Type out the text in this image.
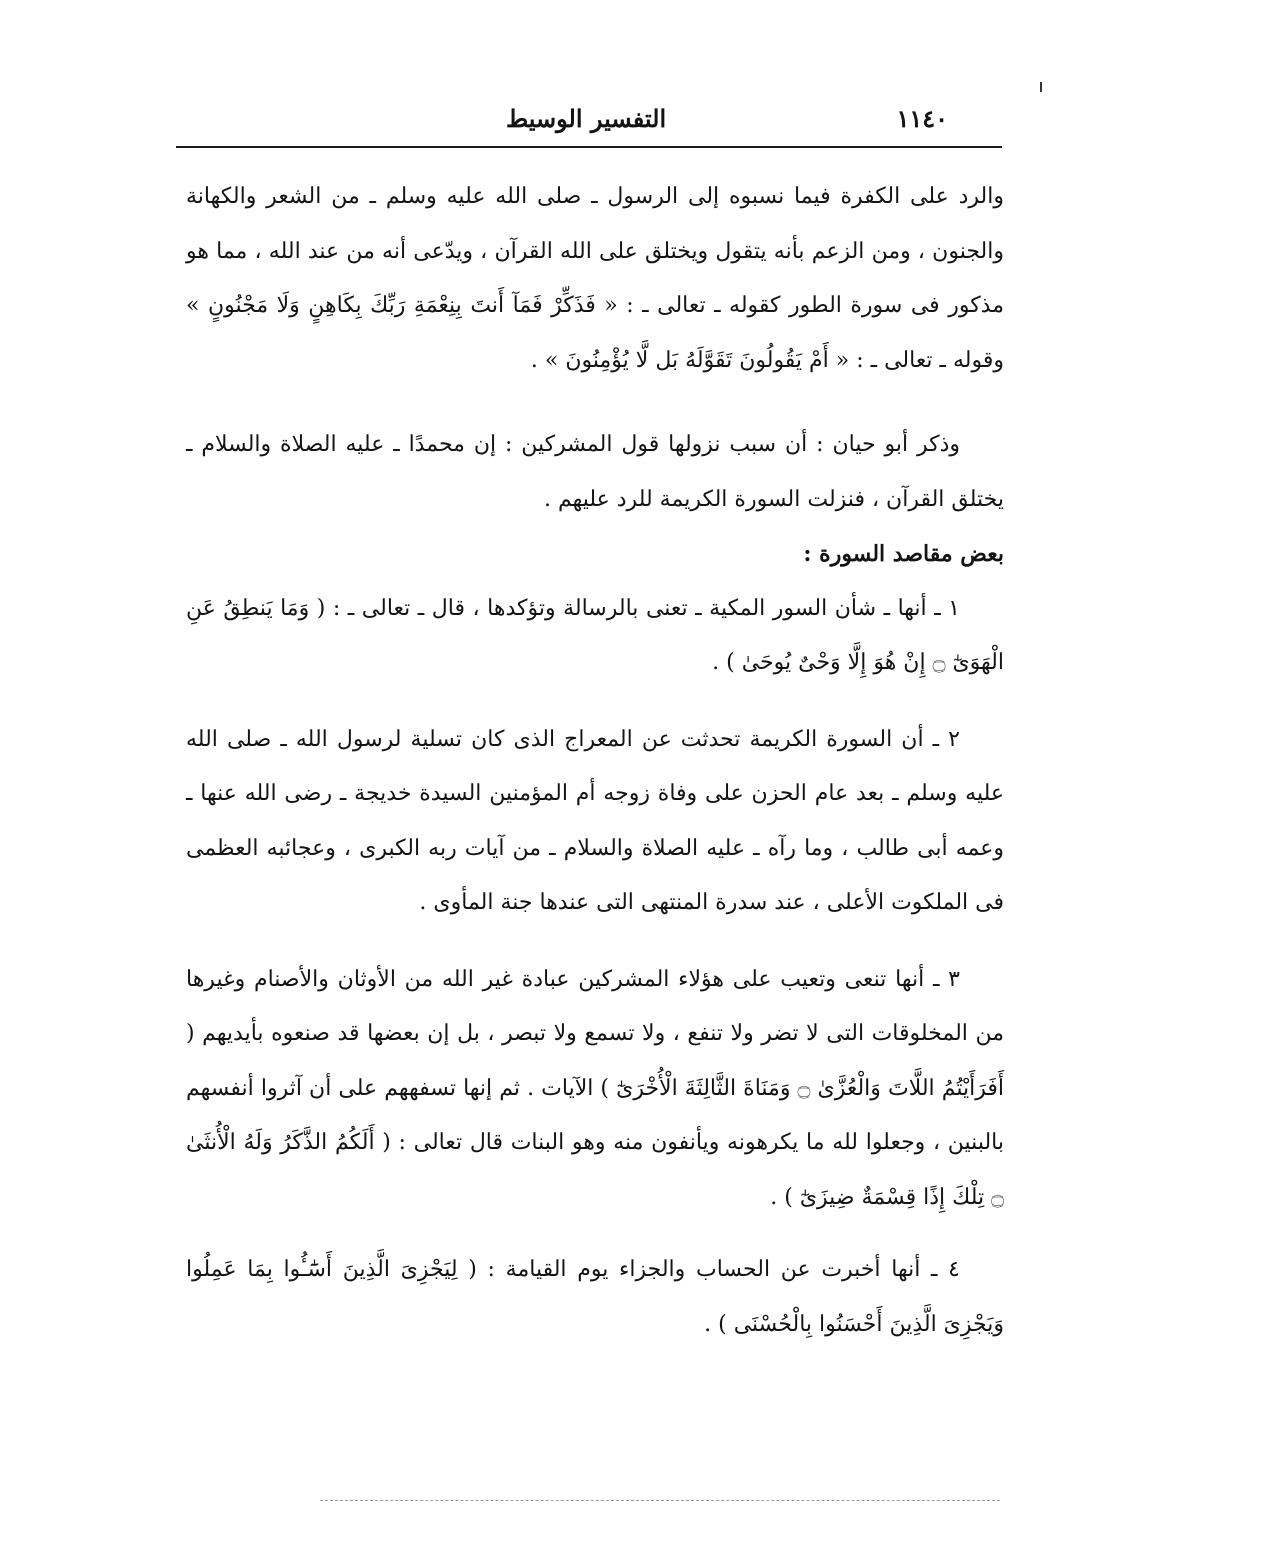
١١٤٠
التفسير الوسيط

والرد على الكفرة فيما نسبوه إلى الرسول ـ صلى الله عليه وسلم ـ من الشعر والكهانة والجنون ، ومن الزعم بأنه يتقول ويختلق على الله القرآن ، ويدّعى أنه من عند الله ، مما هو مذكور فى سورة الطور كقوله ـ تعالى ـ : « فَذَكِّرْ فَمَآ أَنتَ بِنِعْمَةِ رَبِّكَ بِكَاهِنٍ وَلَا مَجْنُونٍ » وقوله ـ تعالى ـ : « أَمْ يَقُولُونَ تَقَوَّلَهُ بَل لَّا يُؤْمِنُونَ » .

وذكر أبو حيان : أن سبب نزولها قول المشركين : إن محمدًا ـ عليه الصلاة والسلام ـ يختلق القرآن ، فنزلت السورة الكريمة للرد عليهم .

بعض مقاصد السورة :

١ ـ أنها ـ شأن السور المكية ـ تعنى بالرسالة وتؤكدها ، قال ـ تعالى ـ : ( وَمَا يَنطِقُ عَنِ الْهَوَىٰٓ ۝ إِنْ هُوَ إِلَّا وَحْىٌ يُوحَىٰ ) .

٢ ـ أن السورة الكريمة تحدثت عن المعراج الذى كان تسلية لرسول الله ـ صلى الله عليه وسلم ـ بعد عام الحزن على وفاة زوجه أم المؤمنين السيدة خديجة ـ رضى الله عنها ـ وعمه أبى طالب ، وما رآه ـ عليه الصلاة والسلام ـ من آيات ربه الكبرى ، وعجائبه العظمى فى الملكوت الأعلى ، عند سدرة المنتهى التى عندها جنة المأوى .

٣ ـ أنها تنعى وتعيب على هؤلاء المشركين عبادة غير الله من الأوثان والأصنام وغيرها من المخلوقات التى لا تضر ولا تنفع ، ولا تسمع ولا تبصر ، بل إن بعضها قد صنعوه بأيديهم ( أَفَرَأَيْتُمُ اللَّاتَ وَالْعُزَّىٰ ۝ وَمَنَاةَ الثَّالِثَةَ الْأُخْرَىٰٓ ) الآيات . ثم إنها تسفههم على أن آثروا أنفسهم بالبنين ، وجعلوا لله ما يكرهونه ويأنفون منه وهو البنات قال تعالى : ( أَلَكُمُ الذَّكَرُ وَلَهُ الْأُنثَىٰ ۝ تِلْكَ إِذًا قِسْمَةٌ ضِيزَىٰٓ ) .

٤ ـ أنها أخبرت عن الحساب والجزاء يوم القيامة : ( لِيَجْزِىَ الَّذِينَ أَسَٰٓـُٔوا بِمَا عَمِلُوا وَيَجْزِىَ الَّذِينَ أَحْسَنُوا بِالْحُسْنَى ) .
